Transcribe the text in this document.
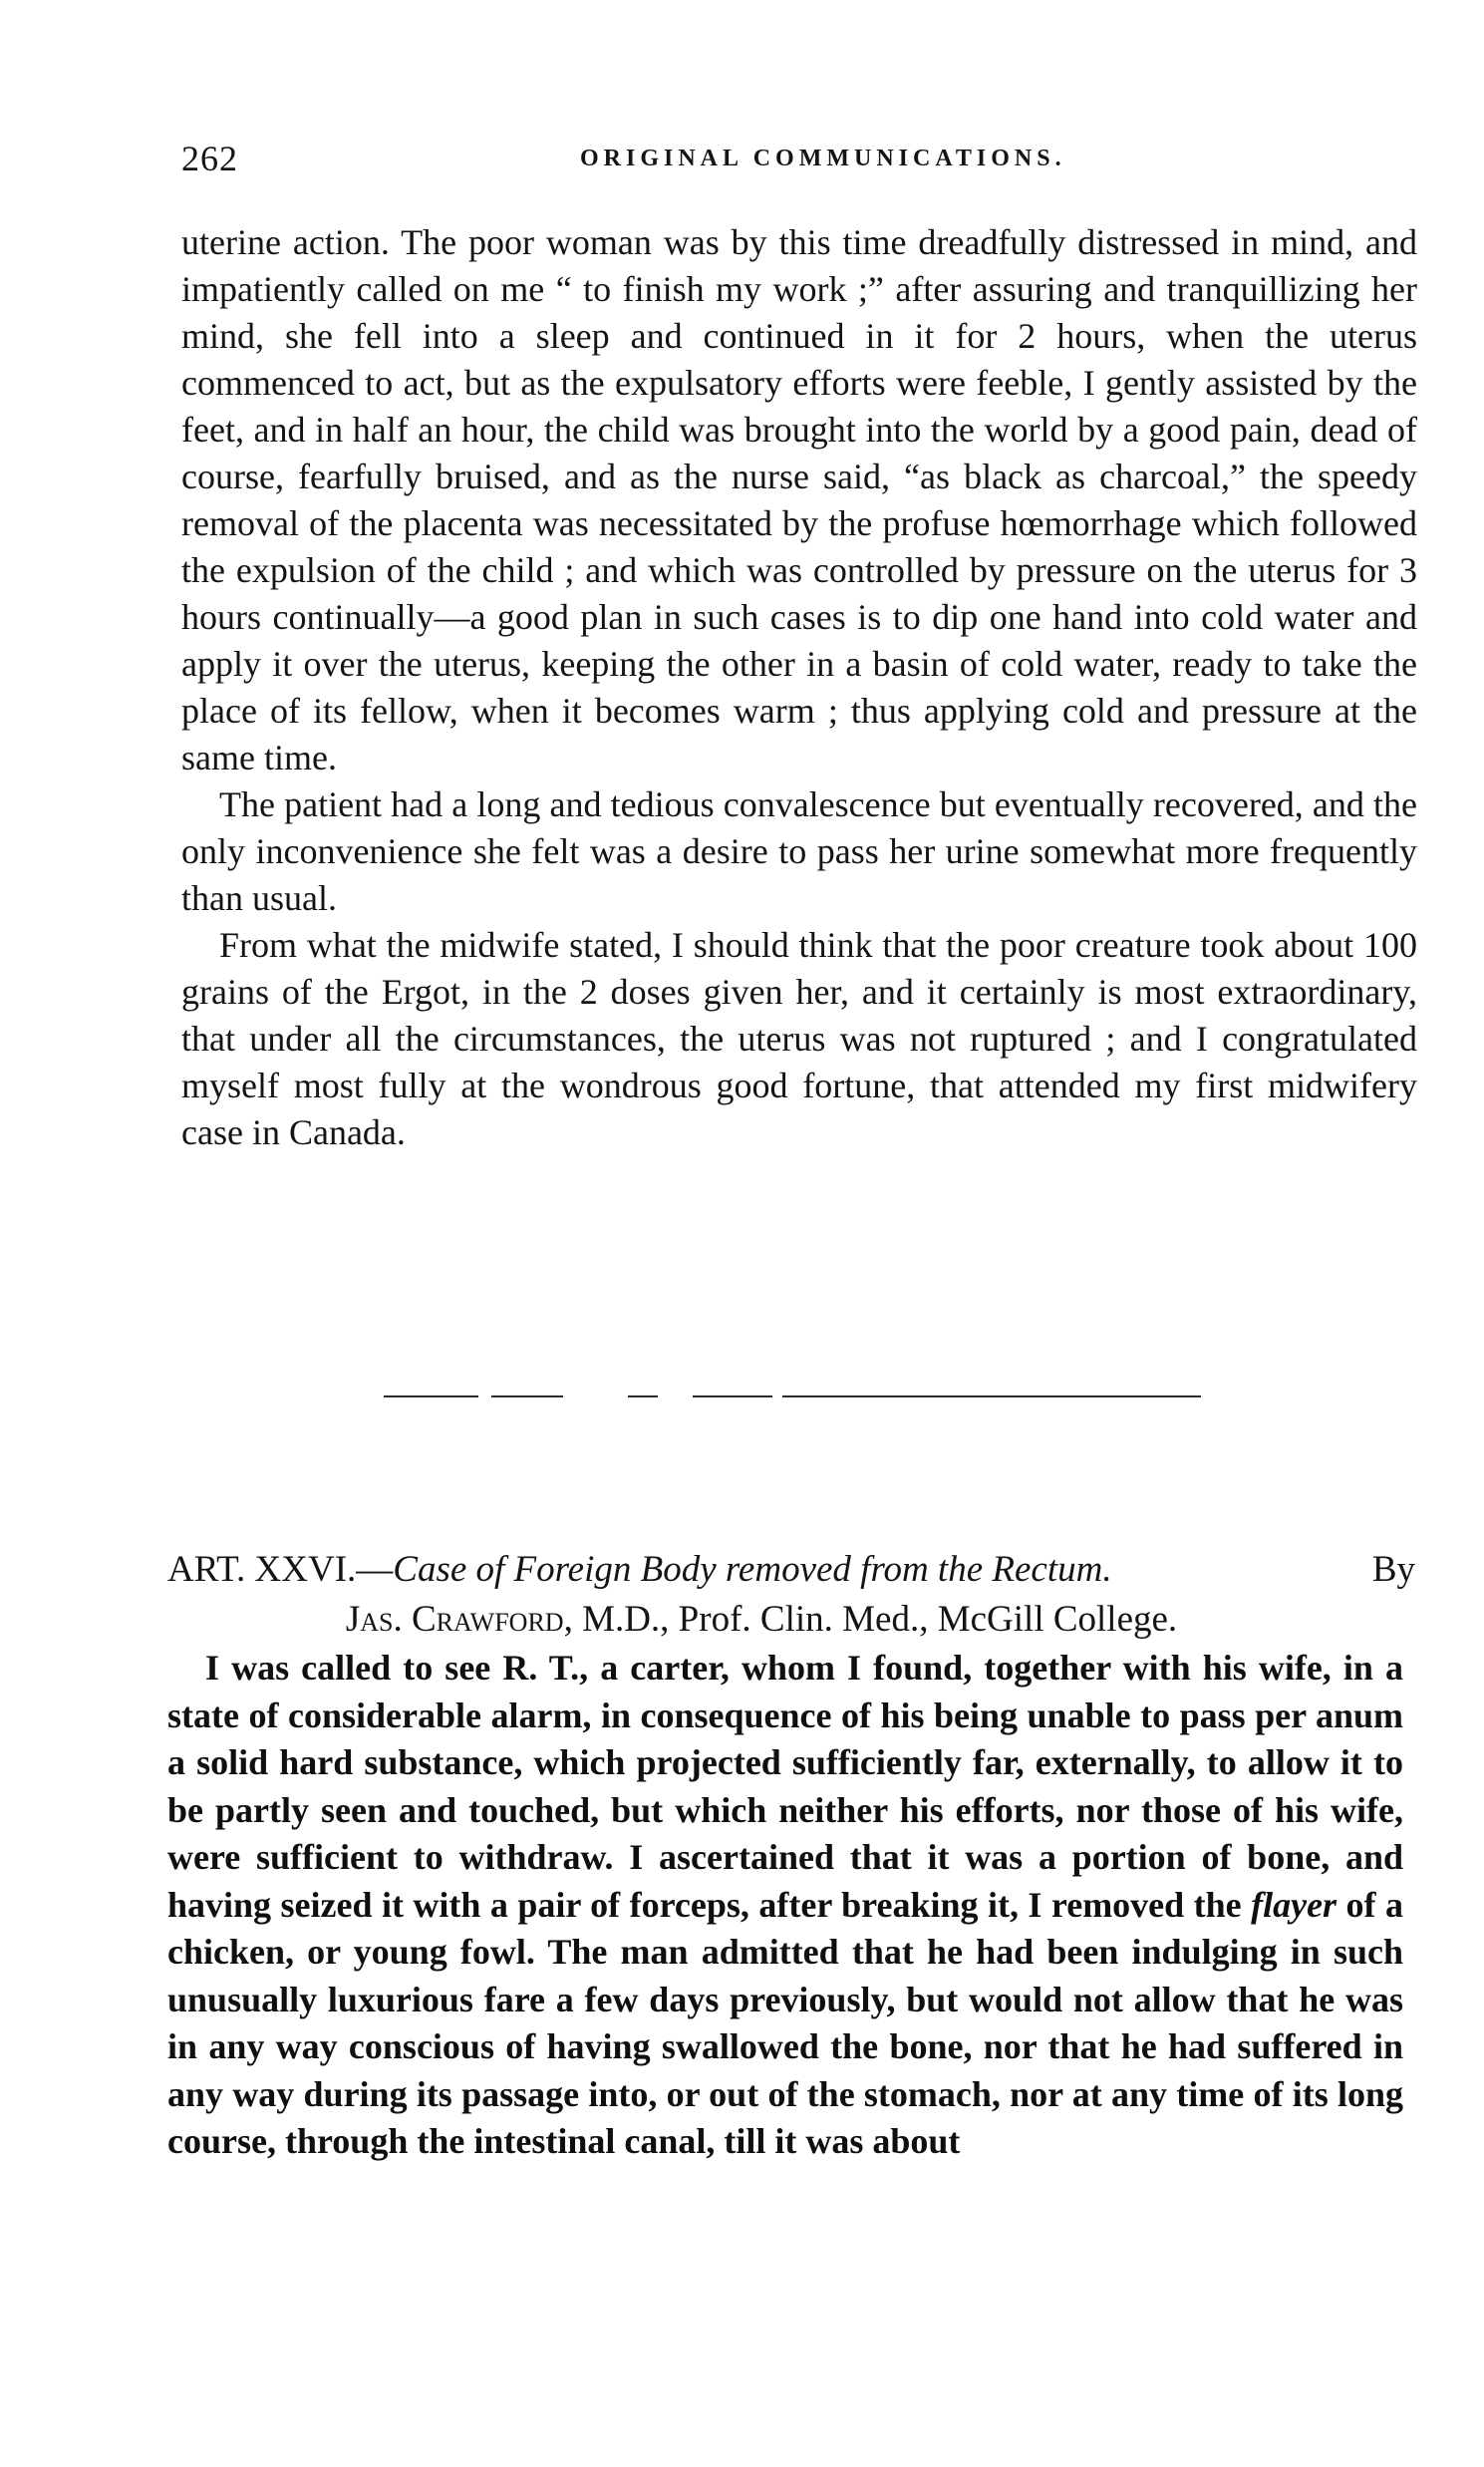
262	ORIGINAL COMMUNICATIONS.

uterine action. The poor woman was by this time dreadfully distressed in mind, and impatiently called on me “ to finish my work ;” after assuring and tranquillizing her mind, she fell into a sleep and continued in it for 2 hours, when the uterus commenced to act, but as the expulsatory efforts were feeble, I gently assisted by the feet, and in half an hour, the child was brought into the world by a good pain, dead of course, fearfully bruised, and as the nurse said, “as black as charcoal,” the speedy removal of the placenta was necessitated by the profuse hœmorrhage which followed the expulsion of the child ; and which was controlled by pressure on the uterus for 3 hours continually—a good plan in such cases is to dip one hand into cold water and apply it over the uterus, keeping the other in a basin of cold water, ready to take the place of its fellow, when it becomes warm ; thus applying cold and pressure at the same time.

The patient had a long and tedious convalescence but eventually recovered, and the only inconvenience she felt was a desire to pass her urine somewhat more frequently than usual.

From what the midwife stated, I should think that the poor creature took about 100 grains of the Ergot, in the 2 doses given her, and it certainly is most extraordinary, that under all the circumstances, the uterus was not ruptured ; and I congratulated myself most fully at the wondrous good fortune, that attended my first midwifery case in Canada.

ART. XXVI.—Case of Foreign Body removed from the Rectum.	By
Jas. Crawford, M.D., Prof. Clin. Med., McGill College.

I was called to see R. T., a carter, whom I found, together with his wife, in a state of considerable alarm, in consequence of his being unable to pass per anum a solid hard substance, which projected sufficiently far, externally, to allow it to be partly seen and touched, but which neither his efforts, nor those of his wife, were sufficient to withdraw. I ascertained that it was a portion of bone, and having seized it with a pair of forceps, after breaking it, I removed the flayer of a chicken, or young fowl. The man admitted that he had been indulging in such unusually luxurious fare a few days previously, but would not allow that he was in any way conscious of having swallowed the bone, nor that he had suffered in any way during its passage into, or out of the stomach, nor at any time of its long course, through the intestinal canal, till it was about
